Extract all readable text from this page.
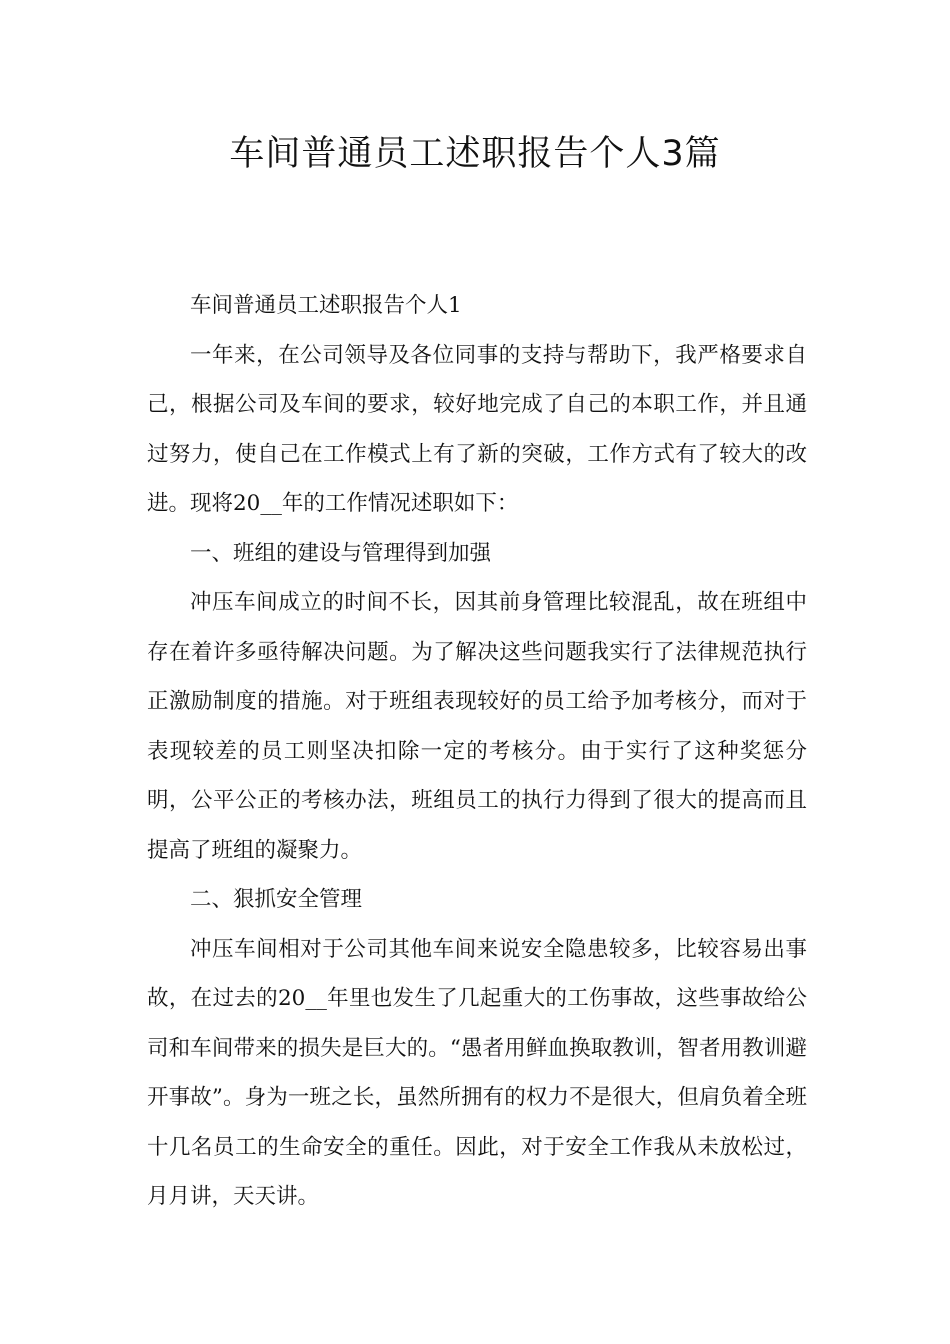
车间普通员工述职报告个人3篇

车间普通员工述职报告个人1

一年来，在公司领导及各位同事的支持与帮助下，我严格要求自己，根据公司及车间的要求，较好地完成了自己的本职工作，并且通过努力，使自己在工作模式上有了新的突破，工作方式有了较大的改进。现将20__年的工作情况述职如下：

一、班组的建设与管理得到加强

冲压车间成立的时间不长，因其前身管理比较混乱，故在班组中存在着许多亟待解决问题。为了解决这些问题我实行了法律规范执行正激励制度的措施。对于班组表现较好的员工给予加考核分，而对于表现较差的员工则坚决扣除一定的考核分。由于实行了这种奖惩分明，公平公正的考核办法，班组员工的执行力得到了很大的提高而且提高了班组的凝聚力。

二、狠抓安全管理

冲压车间相对于公司其他车间来说安全隐患较多，比较容易出事故，在过去的20__年里也发生了几起重大的工伤事故，这些事故给公司和车间带来的损失是巨大的。“愚者用鲜血换取教训，智者用教训避开事故”。身为一班之长，虽然所拥有的权力不是很大，但肩负着全班十几名员工的生命安全的重任。因此，对于安全工作我从未放松过，月月讲，天天讲。
